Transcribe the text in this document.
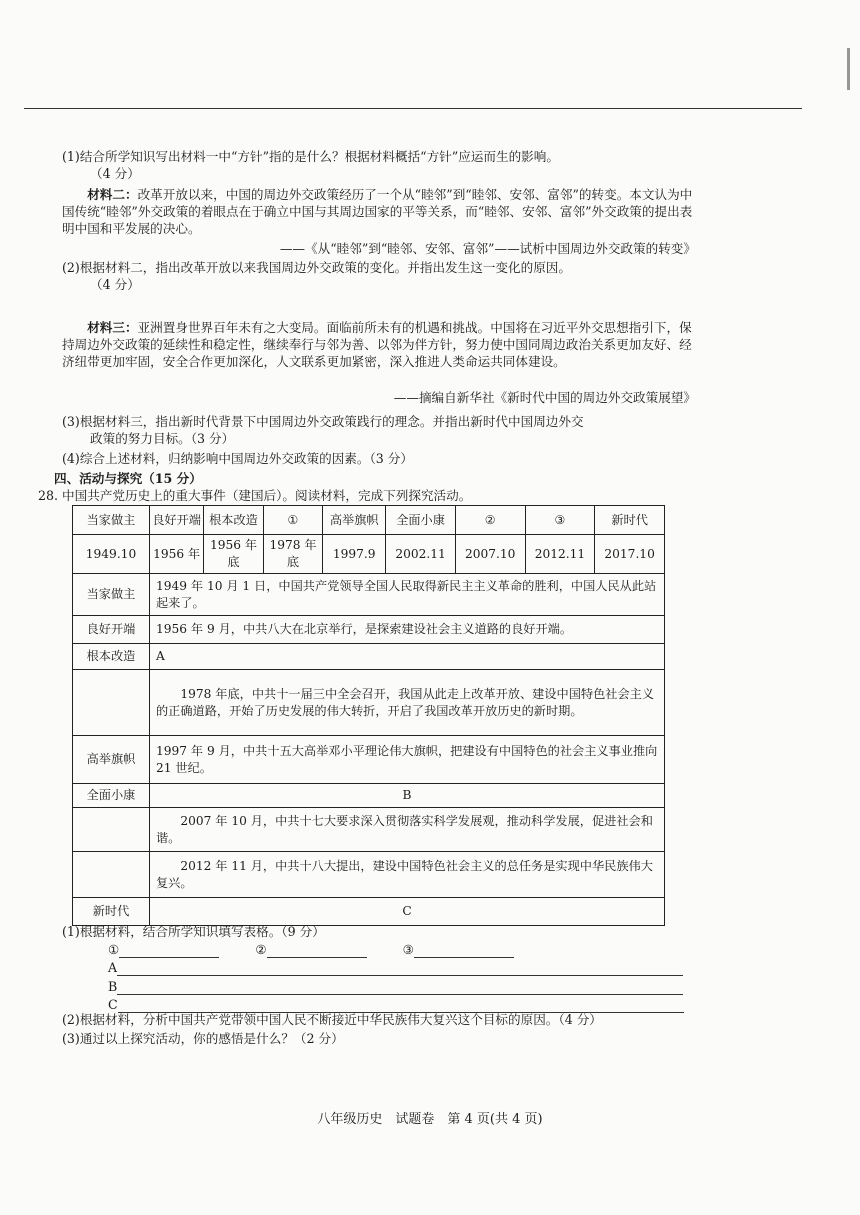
(1)结合所学知识写出材料一中“方针”指的是什么？根据材料概括“方针”应运而生的影响。
（4 分）
材料二：改革开放以来，中国的周边外交政策经历了一个从“睦邻”到“睦邻、安邻、富邻”的转变。本文认为中国传统“睦邻”外交政策的着眼点在于确立中国与其周边国家的平等关系，而“睦邻、安邻、富邻”外交政策的提出表明中国和平发展的决心。
——《从“睦邻”到“睦邻、安邻、富邻”——试析中国周边外交政策的转变》
(2)根据材料二，指出改革开放以来我国周边外交政策的变化。并指出发生这一变化的原因。
（4 分）
材料三：亚洲置身世界百年未有之大变局。面临前所未有的机遇和挑战。中国将在习近平外交思想指引下，保持周边外交政策的延续性和稳定性，继续奉行与邻为善、以邻为伴方针，努力使中国同周边政治关系更加友好、经济纽带更加牢固，安全合作更加深化，人文联系更加紧密，深入推进人类命运共同体建设。
——摘编自新华社《新时代中国的周边外交政策展望》
(3)根据材料三，指出新时代背景下中国周边外交政策践行的理念。并指出新时代中国周边外交
政策的努力目标。（3 分）
(4)综合上述材料，归纳影响中国周边外交政策的因素。（3 分）
四、活动与探究（15 分）
28. 中国共产党历史上的重大事件（建国后）。阅读材料，完成下列探究活动。
当家做主	良好开端	根本改造	①	高举旗帜	全面小康	②	③	新时代
1949.10	1956 年	1956 年底	1978 年底	1997.9	2002.11	2007.10	2012.11	2017.10
当家做主	1949 年 10 月 1 日，中国共产党领导全国人民取得新民主主义革命的胜利，中国人民从此站起来了。							
良好开端	1956 年 9 月，中共八大在北京举行，是探索建设社会主义道路的良好开端。							
根本改造	A							
	1978 年底，中共十一届三中全会召开，我国从此走上改革开放、建设中国特色社会主义的正确道路，开始了历史发展的伟大转折，开启了我国改革开放历史的新时期。							
高举旗帜	1997 年 9 月，中共十五大高举邓小平理论伟大旗帜，把建设有中国特色的社会主义事业推向 21 世纪。							
全面小康	B							
	2007 年 10 月，中共十七大要求深入贯彻落实科学发展观，推动科学发展，促进社会和谐。							
	2012 年 11 月，中共十八大提出，建设中国特色社会主义的总任务是实现中华民族伟大复兴。							
新时代	C							
(1)根据材料，结合所学知识填写表格。（9 分）
①	②	③
A
B
C
(2)根据材料，分析中国共产党带领中国人民不断接近中华民族伟大复兴这个目标的原因。（4 分）
(3)通过以上探究活动，你的感悟是什么？（2 分）
八年级历史　试题卷　第 4 页(共 4 页)
